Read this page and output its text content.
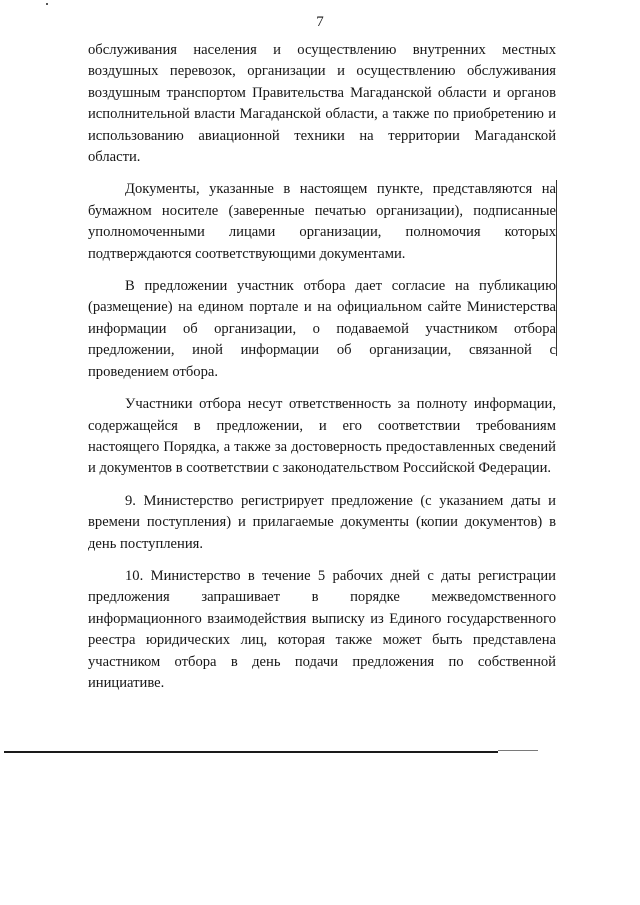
7

обслуживания населения и осуществлению внутренних местных воздушных перевозок, организации и осуществлению обслуживания воздушным транспортом Правительства Магаданской области и органов исполнительной власти Магаданской области, а также по приобретению и использованию авиационной техники на территории Магаданской области.

Документы, указанные в настоящем пункте, представляются на бумажном носителе (заверенные печатью организации), подписанные уполномоченными лицами организации, полномочия которых подтверждаются соответствующими документами.

В предложении участник отбора дает согласие на публикацию (размещение) на едином портале и на официальном сайте Министерства информации об организации, о подаваемой участником отбора предложении, иной информации об организации, связанной с проведением отбора.

Участники отбора несут ответственность за полноту информации, содержащейся в предложении, и его соответствии требованиям настоящего Порядка, а также за достоверность предоставленных сведений и документов в соответствии с законодательством Российской Федерации.

9. Министерство регистрирует предложение (с указанием даты и времени поступления) и прилагаемые документы (копии документов) в день поступления.

10. Министерство в течение 5 рабочих дней с даты регистрации предложения запрашивает в порядке межведомственного информационного взаимодействия выписку из Единого государственного реестра юридических лиц, которая также может быть представлена участником отбора в день подачи предложения по собственной инициативе.
